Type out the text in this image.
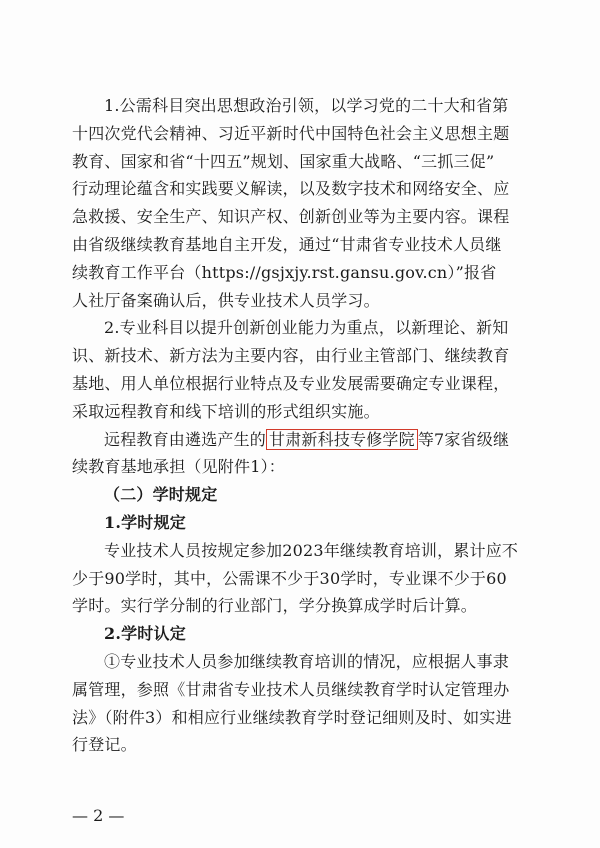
1.公需科目突出思想政治引领，以学习党的二十大和省第
十四次党代会精神、习近平新时代中国特色社会主义思想主题
教育、国家和省“十四五”规划、国家重大战略、“三抓三促”
行动理论蕴含和实践要义解读，以及数字技术和网络安全、应
急救援、安全生产、知识产权、创新创业等为主要内容。课程
由省级继续教育基地自主开发，通过“甘肃省专业技术人员继
续教育工作平台（https://gsjxjy.rst.gansu.gov.cn）”报省
人社厅备案确认后，供专业技术人员学习。
2.专业科目以提升创新创业能力为重点，以新理论、新知
识、新技术、新方法为主要内容，由行业主管部门、继续教育
基地、用人单位根据行业特点及专业发展需要确定专业课程，
采取远程教育和线下培训的形式组织实施。
远程教育由遴选产生的 甘肃新科技专修学院 等7家省级继
续教育基地承担（见附件1）：
（二）学时规定
1.学时规定
专业技术人员按规定参加2023年继续教育培训，累计应不
少于90学时，其中，公需课不少于30学时，专业课不少于60
学时。实行学分制的行业部门，学分换算成学时后计算。
2.学时认定
①专业技术人员参加继续教育培训的情况，应根据人事隶
属管理，参照《甘肃省专业技术人员继续教育学时认定管理办
法》（附件3）和相应行业继续教育学时登记细则及时、如实进
行登记。
— 2 —
